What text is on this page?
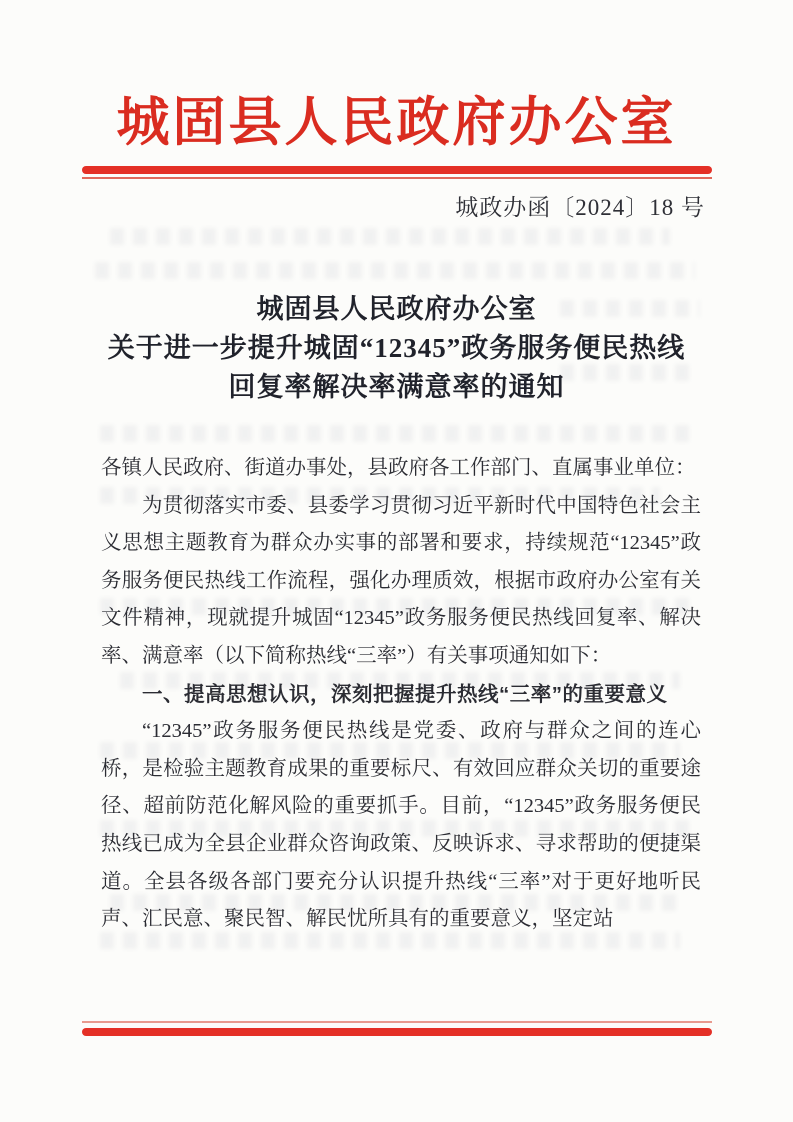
城固县人民政府办公室
城政办函〔2024〕18 号
城固县人民政府办公室
关于进一步提升城固“12345”政务服务便民热线
回复率解决率满意率的通知

各镇人民政府、街道办事处，县政府各工作部门、直属事业单位：

为贯彻落实市委、县委学习贯彻习近平新时代中国特色社会主义思想主题教育为群众办实事的部署和要求，持续规范“12345”政务服务便民热线工作流程，强化办理质效，根据市政府办公室有关文件精神，现就提升城固“12345”政务服务便民热线回复率、解决率、满意率（以下简称热线“三率”）有关事项通知如下：

一、提高思想认识，深刻把握提升热线“三率”的重要意义

“12345”政务服务便民热线是党委、政府与群众之间的连心桥，是检验主题教育成果的重要标尺、有效回应群众关切的重要途径、超前防范化解风险的重要抓手。目前，“12345”政务服务便民热线已成为全县企业群众咨询政策、反映诉求、寻求帮助的便捷渠道。全县各级各部门要充分认识提升热线“三率”对于更好地听民声、汇民意、聚民智、解民忧所具有的重要意义，坚定站
